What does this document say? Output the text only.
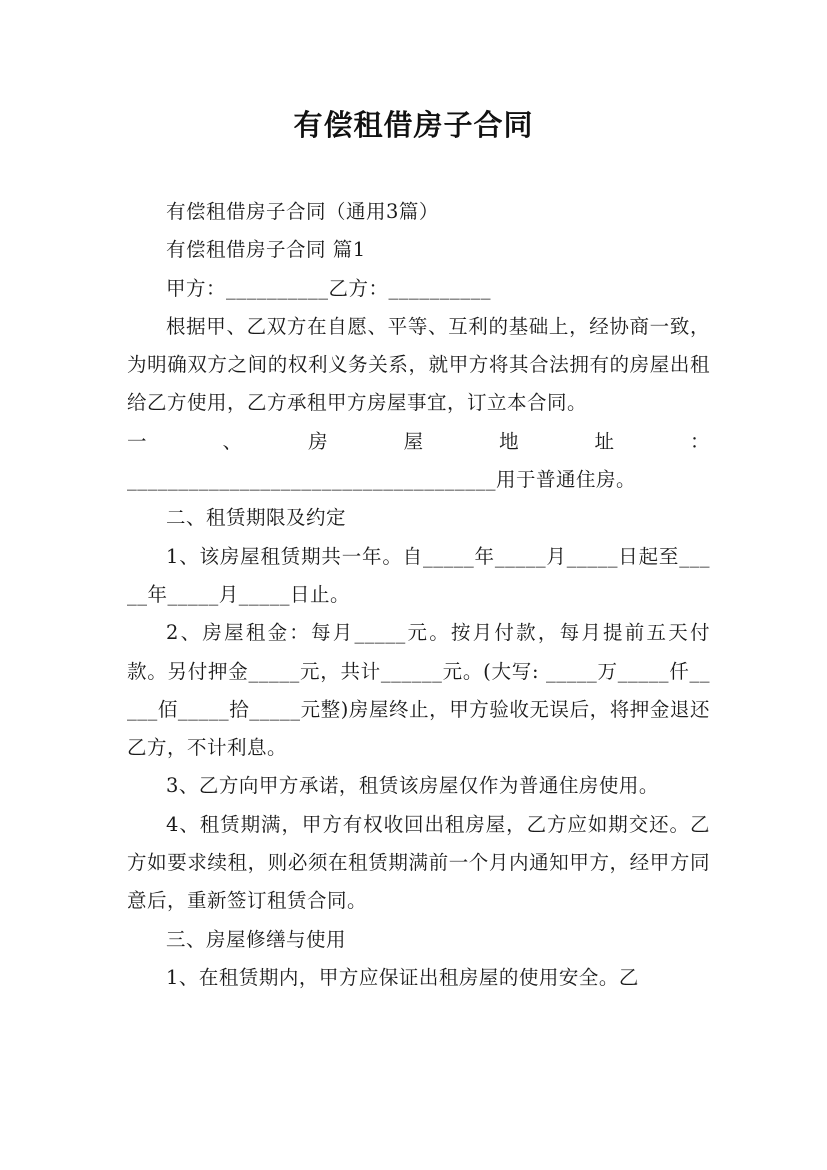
有偿租借房子合同

有偿租借房子合同（通用3篇）

有偿租借房子合同 篇1

甲方：__________乙方：__________

根据甲、乙双方在自愿、平等、互利的基础上，经协商一致，为明确双方之间的权利义务关系，就甲方将其合法拥有的房屋出租给乙方使用，乙方承租甲方房屋事宜，订立本合同。

一　　、　　房　　屋　　地　　址　　：

____________________________________用于普通住房。

二、租赁期限及约定

1、该房屋租赁期共一年。自_____年_____月_____日起至_____年_____月_____日止。

2、房屋租金：每月_____元。按月付款，每月提前五天付款。另付押金_____元，共计______元。(大写: _____万_____仟_____佰_____拾_____元整)房屋终止，甲方验收无误后，将押金退还乙方，不计利息。

3、乙方向甲方承诺，租赁该房屋仅作为普通住房使用。

4、租赁期满，甲方有权收回出租房屋，乙方应如期交还。乙方如要求续租，则必须在租赁期满前一个月内通知甲方，经甲方同意后，重新签订租赁合同。

三、房屋修缮与使用

1、在租赁期内，甲方应保证出租房屋的使用安全。乙
